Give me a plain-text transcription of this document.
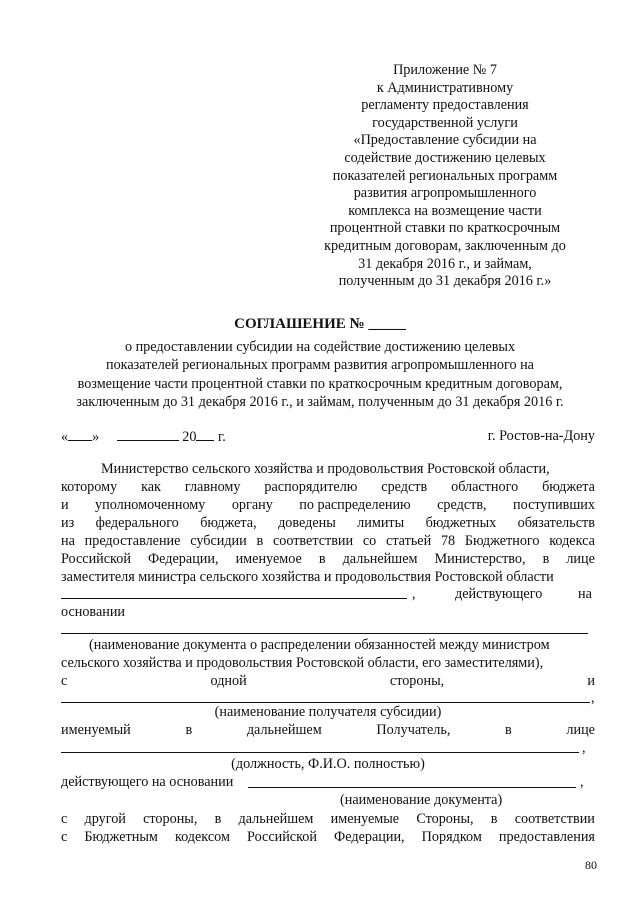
Приложение № 7
к Административному
регламенту предоставления
государственной услуги
«Предоставление субсидии на
содействие достижению целевых
показателей региональных программ
развития агропромышленного
комплекса на возмещение части
процентной ставки по краткосрочным
кредитным договорам, заключенным до
31 декабря 2016 г., и займам,
полученным до 31 декабря 2016 г.»
СОГЛАШЕНИЕ № _____
о предоставлении субсидии на содействие достижению целевых
показателей региональных программ развития агропромышленного на
возмещение части процентной ставки по краткосрочным кредитным договорам,
заключенным до 31 декабря 2016 г., и займам, полученным до 31 декабря 2016 г.
« »	20 г.	г. Ростов-на-Дону
Министерство сельского хозяйства и продовольствия Ростовской области,
которому как главному распорядителю средств областного бюджета
и уполномоченному органу по распределению средств, поступивших
из федерального бюджета, доведены лимиты бюджетных обязательств
на предоставление субсидии в соответствии со статьей 78 Бюджетного кодекса
Российской Федерации, именуемое в дальнейшем Министерство, в лице
заместителя министра сельского хозяйства и продовольствия Ростовской области
,	действующего	на
основании
(наименование документа о распределении обязанностей между министром
сельского хозяйства и продовольствия Ростовской области, его заместителями),
с	одной	стороны,	и
,
(наименование получателя субсидии)
именуемый	в	дальнейшем	Получатель,	в	лице
,
(должность, Ф.И.О. полностью)
действующего на основании	,
(наименование документа)
с другой стороны, в дальнейшем именуемые Стороны, в соответствии
с Бюджетным кодексом Российской Федерации, Порядком предоставления
80
